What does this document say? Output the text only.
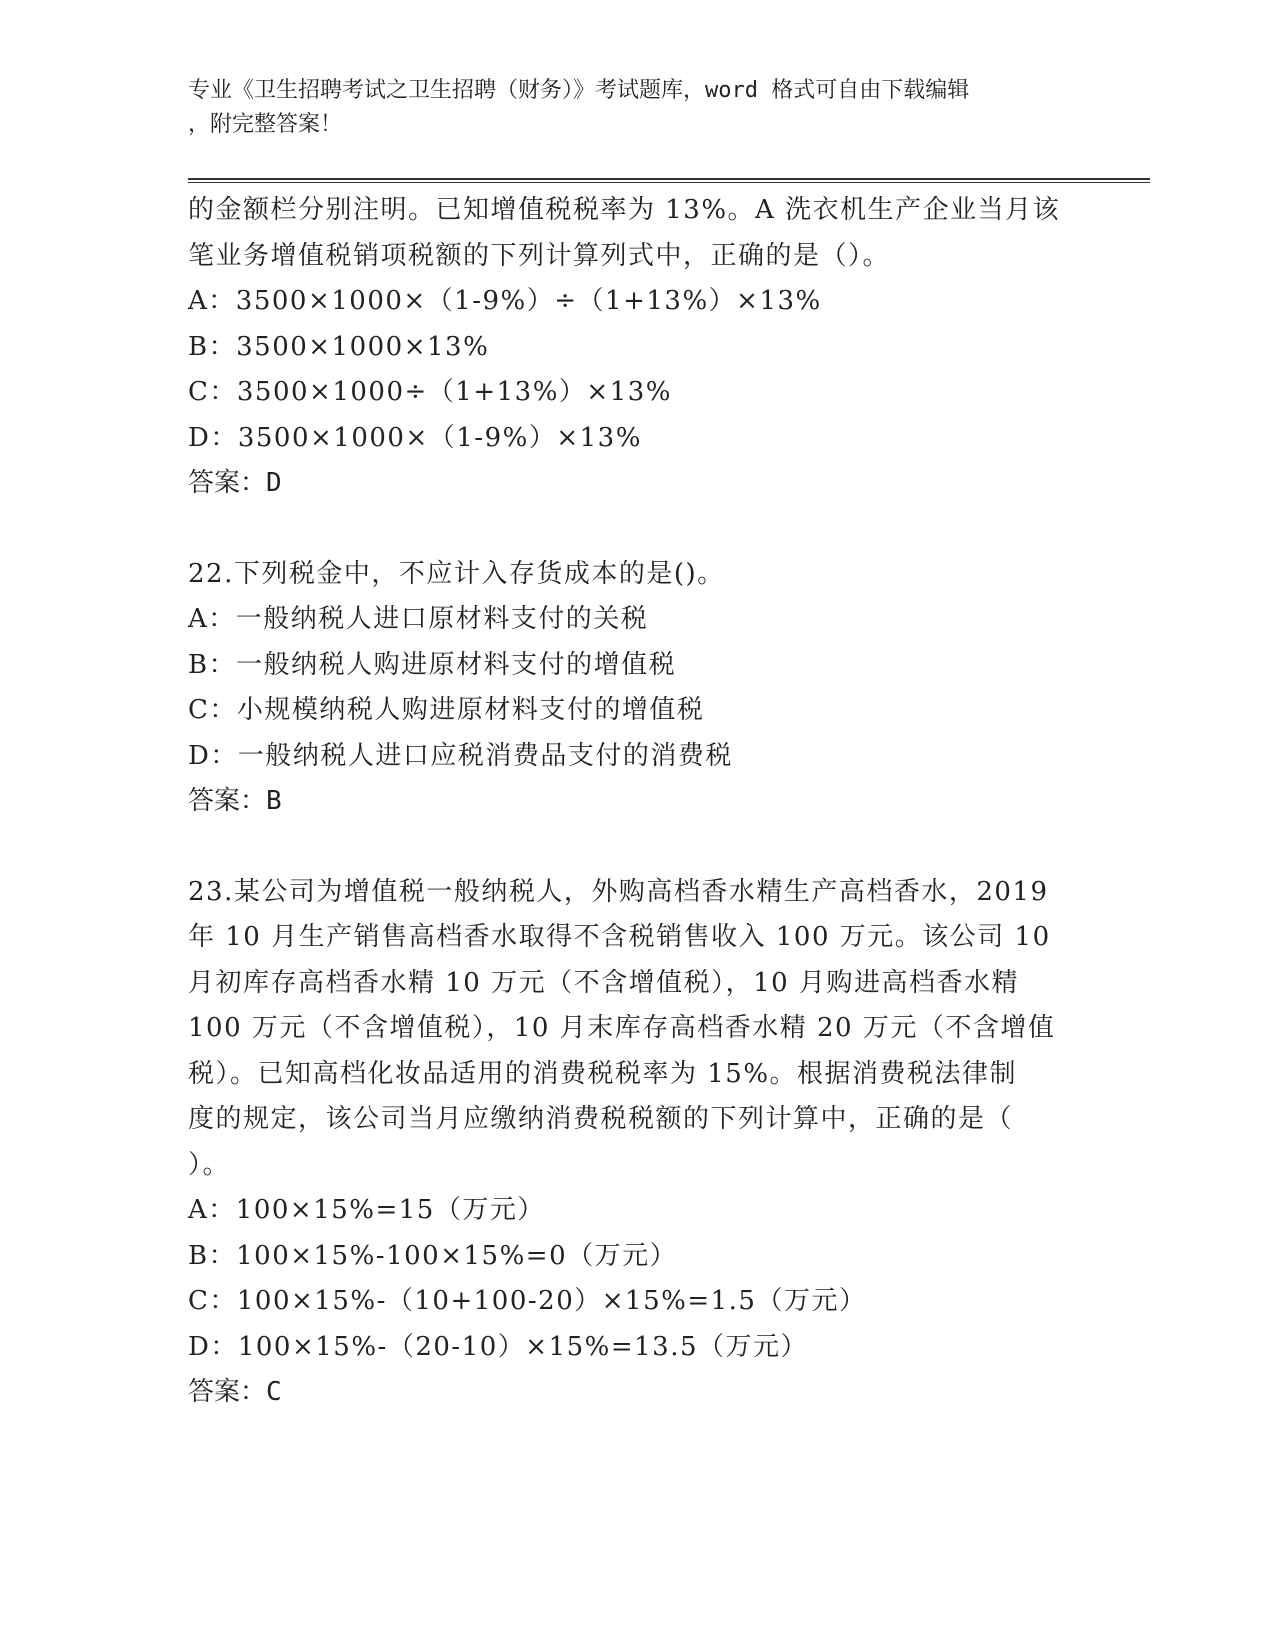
专业《卫生招聘考试之卫生招聘（财务）》考试题库，word 格式可自由下载编辑
，附完整答案！
的金额栏分别注明。已知增值税税率为 13%。A 洗衣机生产企业当月该
笔业务增值税销项税额的下列计算列式中，正确的是（）。
A：3500×1000×（1-9%）÷（1+13%）×13%
B：3500×1000×13%
C：3500×1000÷（1+13%）×13%
D：3500×1000×（1-9%）×13%
答案：D
22.下列税金中，不应计入存货成本的是()。
A：一般纳税人进口原材料支付的关税
B：一般纳税人购进原材料支付的增值税
C：小规模纳税人购进原材料支付的增值税
D：一般纳税人进口应税消费品支付的消费税
答案：B
23.某公司为增值税一般纳税人，外购高档香水精生产高档香水，2019
年 10 月生产销售高档香水取得不含税销售收入 100 万元。该公司 10
月初库存高档香水精 10 万元（不含增值税），10 月购进高档香水精
100 万元（不含增值税），10 月末库存高档香水精 20 万元（不含增值
税）。已知高档化妆品适用的消费税税率为 15%。根据消费税法律制
度的规定，该公司当月应缴纳消费税税额的下列计算中，正确的是（
）。
A：100×15%=15（万元）
B：100×15%-100×15%=0（万元）
C：100×15%-（10+100-20）×15%=1.5（万元）
D：100×15%-（20-10）×15%=13.5（万元）
答案：C
